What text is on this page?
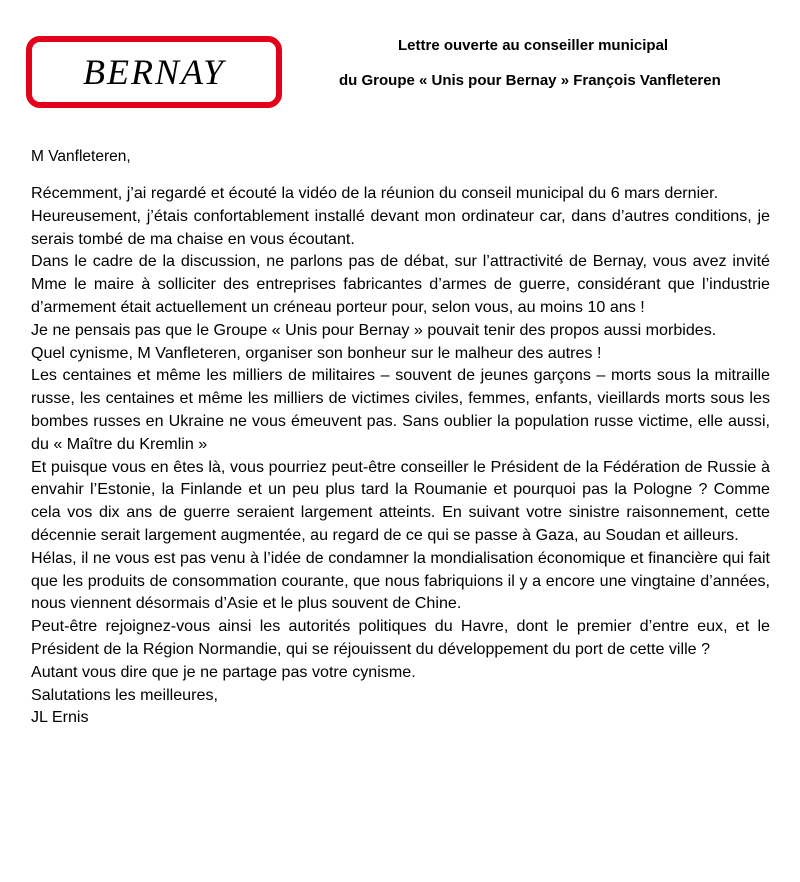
BERNAY
Lettre ouverte au conseiller municipal
du Groupe « Unis pour Bernay » François Vanfleteren
M Vanfleteren,

Récemment, j’ai regardé et écouté la vidéo de la réunion du conseil municipal du 6 mars dernier.

Heureusement, j’étais confortablement installé devant mon ordinateur car, dans d’autres conditions, je serais tombé de ma chaise en vous écoutant.

Dans le cadre de la discussion, ne parlons pas de débat, sur l’attractivité de Bernay, vous avez invité Mme le maire à solliciter des entreprises fabricantes d’armes de guerre, considérant que l’industrie d’armement était actuellement un créneau porteur pour, selon vous, au moins 10 ans !

Je ne pensais pas que le Groupe « Unis pour Bernay » pouvait tenir des propos aussi morbides.

Quel cynisme, M Vanfleteren, organiser son bonheur sur le malheur des autres !

Les centaines et même les milliers de militaires – souvent de jeunes garçons – morts sous la mitraille russe, les centaines et même les milliers de victimes civiles, femmes, enfants, vieillards morts sous les bombes russes en Ukraine ne vous émeuvent pas. Sans oublier la population russe victime, elle aussi, du « Maître du Kremlin »

Et puisque vous en êtes là, vous pourriez peut-être conseiller le Président de la Fédération de Russie à envahir l’Estonie, la Finlande et un peu plus tard la Roumanie et pourquoi pas la Pologne ? Comme cela vos dix ans de guerre seraient largement atteints. En suivant votre sinistre raisonnement, cette décennie serait largement augmentée, au regard de ce qui se passe à Gaza, au Soudan et ailleurs.

Hélas, il ne vous est pas venu à l’idée de condamner la mondialisation économique et financière qui fait que les produits de consommation courante, que nous fabriquions il y a encore une vingtaine d’années, nous viennent désormais d’Asie et le plus souvent de Chine.

Peut-être rejoignez-vous ainsi les autorités politiques du Havre, dont le premier d’entre eux, et le Président de la Région Normandie, qui se réjouissent du développement du port de cette ville ?

Autant vous dire que je ne partage pas votre cynisme.

Salutations les meilleures,

JL Ernis
